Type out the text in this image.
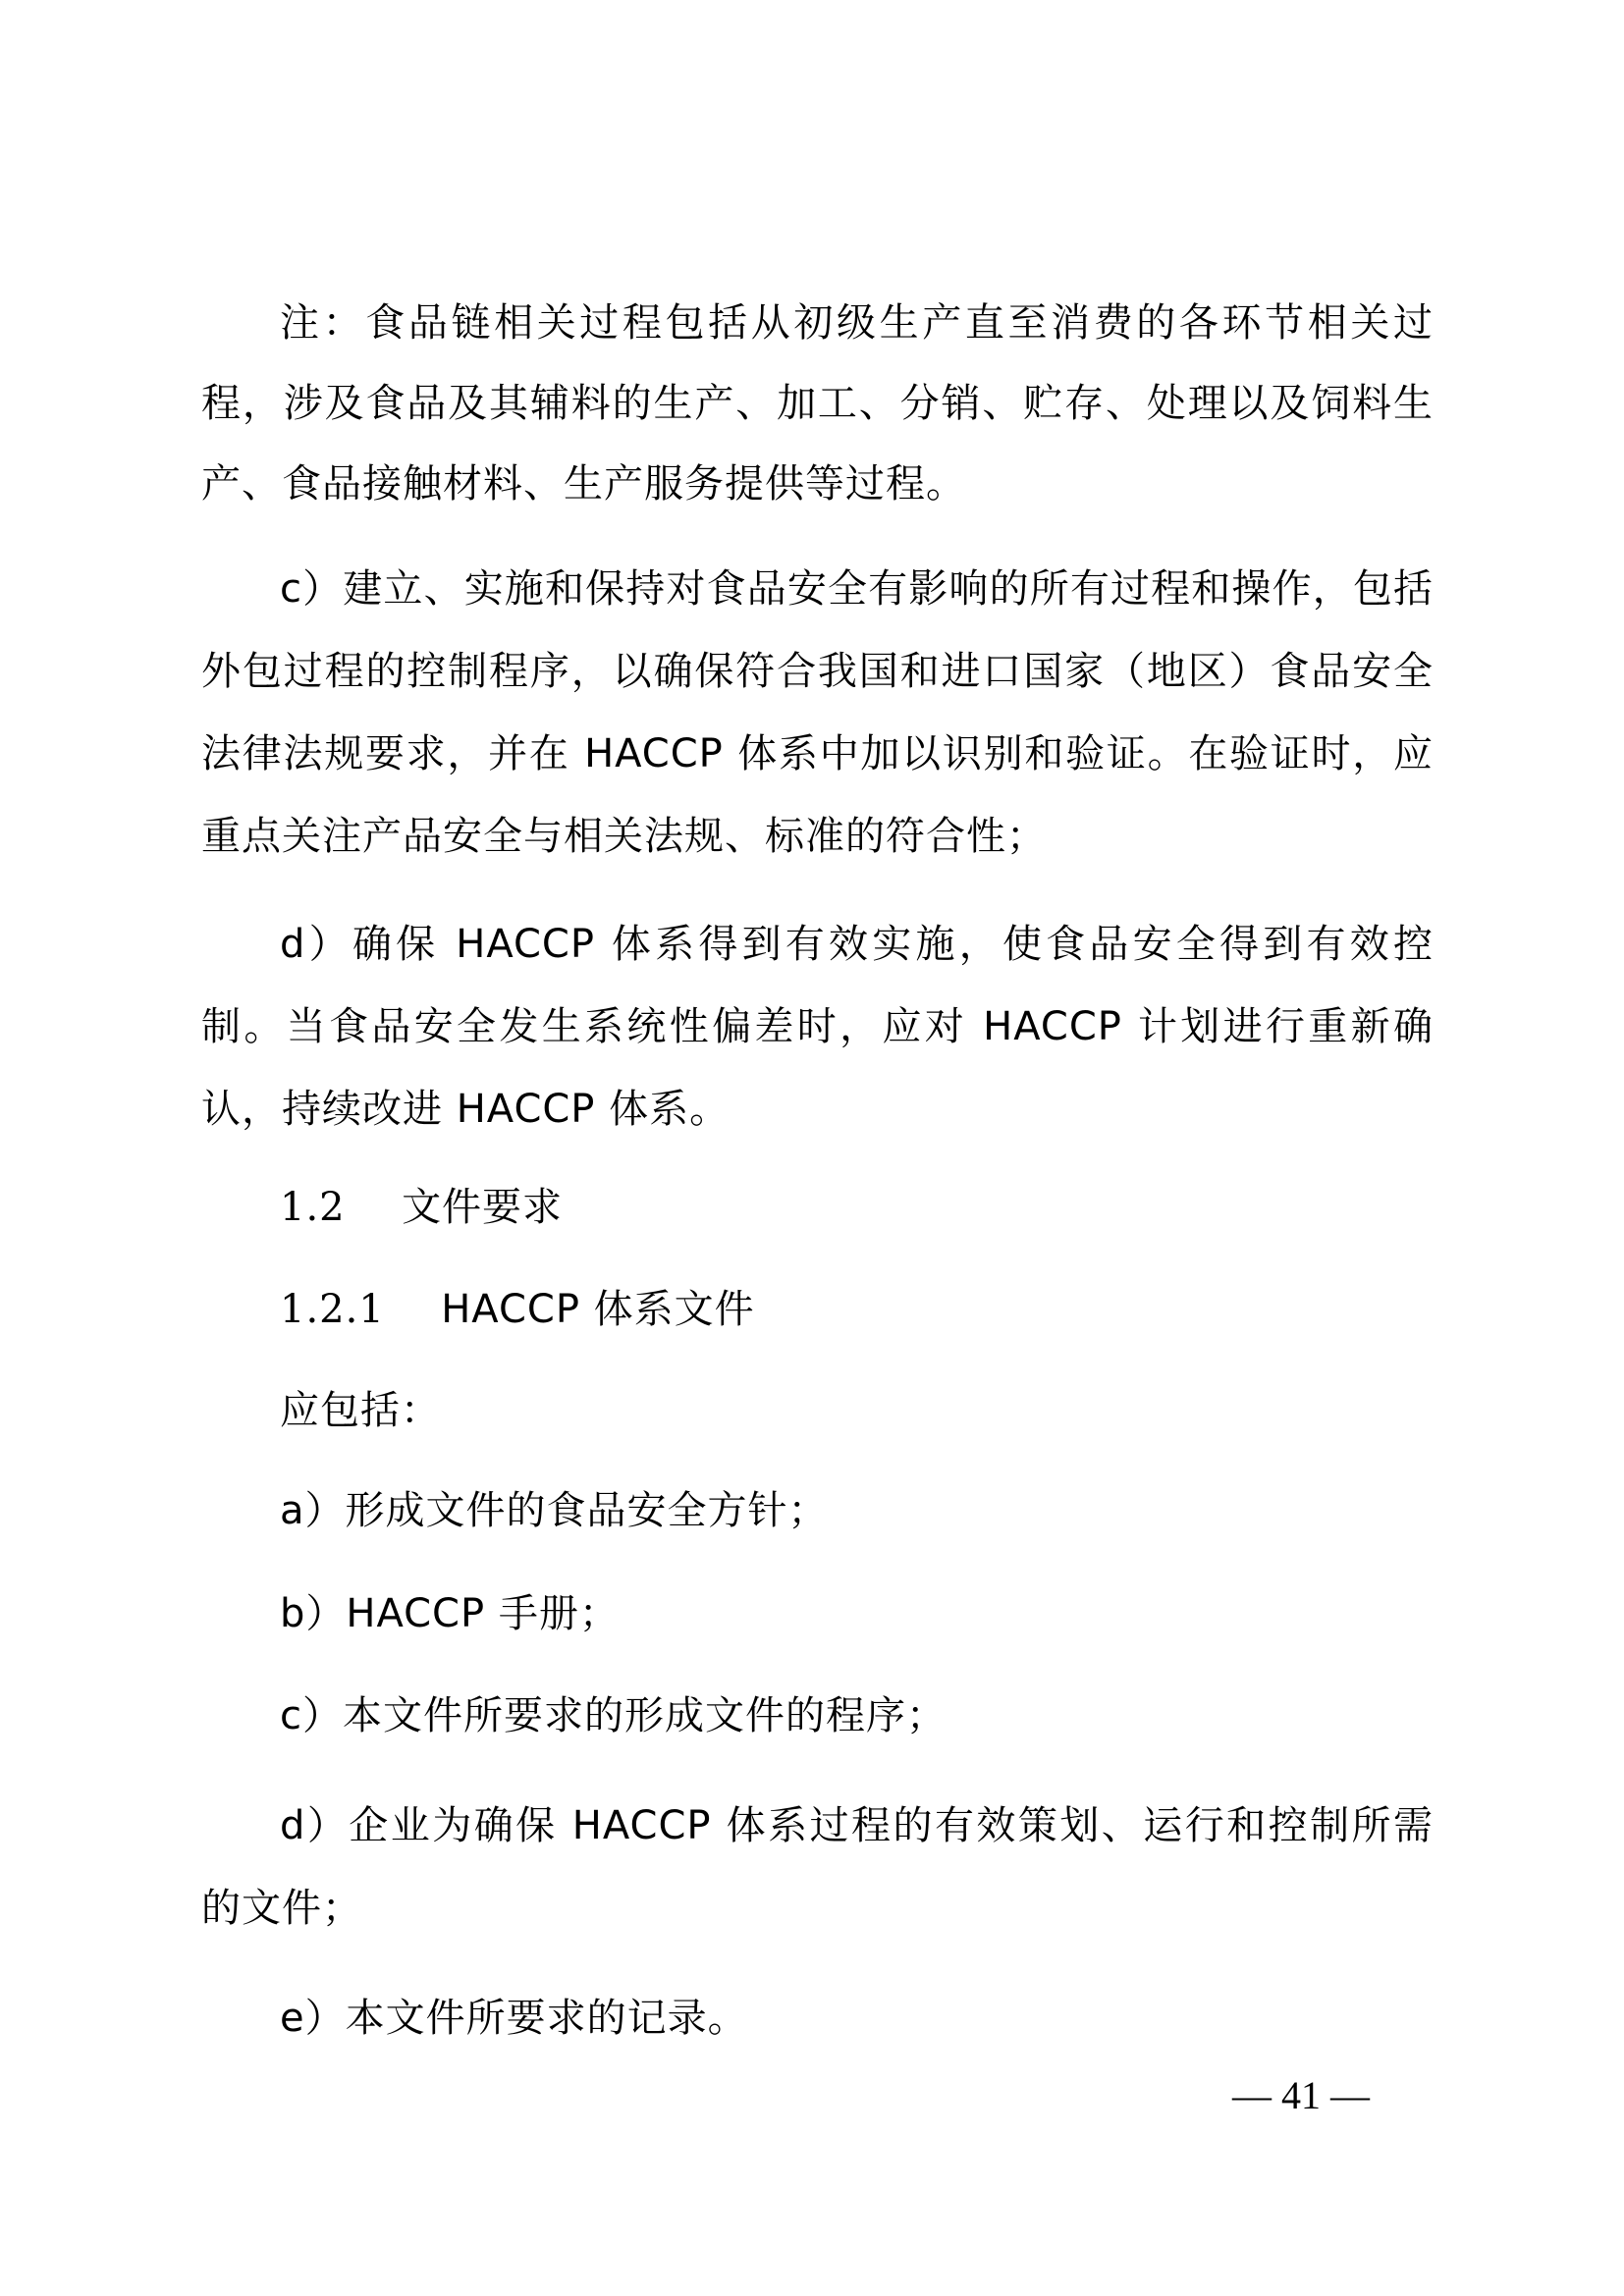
注：食品链相关过程包括从初级生产直至消费的各环节相关过程，涉及食品及其辅料的生产、加工、分销、贮存、处理以及饲料生产、食品接触材料、生产服务提供等过程。

c）建立、实施和保持对食品安全有影响的所有过程和操作，包括外包过程的控制程序，以确保符合我国和进口国家（地区）食品安全法律法规要求，并在 HACCP 体系中加以识别和验证。在验证时，应重点关注产品安全与相关法规、标准的符合性；

d）确保 HACCP 体系得到有效实施，使食品安全得到有效控制。当食品安全发生系统性偏差时，应对 HACCP 计划进行重新确认，持续改进 HACCP 体系。

1.2 文件要求
1.2.1 HACCP 体系文件
应包括：
a）形成文件的食品安全方针；
b）HACCP 手册；
c）本文件所要求的形成文件的程序；

d）企业为确保 HACCP 体系过程的有效策划、运行和控制所需的文件；

e）本文件所要求的记录。
— 41 —
